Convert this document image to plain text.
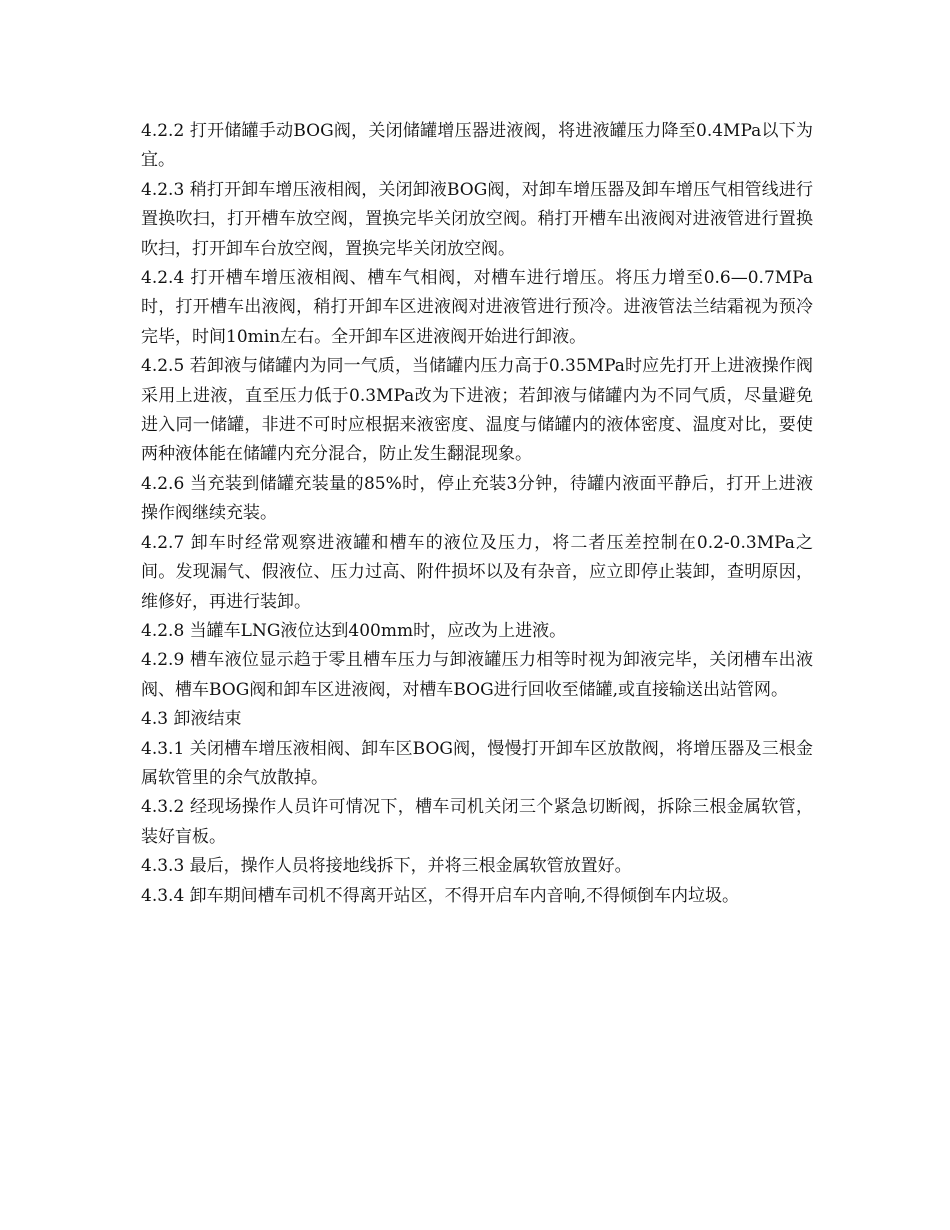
4.2.2 打开储罐手动BOG阀，关闭储罐增压器进液阀，将进液罐压力降至0.4MPa以下为宜。

4.2.3 稍打开卸车增压液相阀，关闭卸液BOG阀，对卸车增压器及卸车增压气相管线进行置换吹扫，打开槽车放空阀，置换完毕关闭放空阀。稍打开槽车出液阀对进液管进行置换吹扫，打开卸车台放空阀，置换完毕关闭放空阀。

4.2.4 打开槽车增压液相阀、槽车气相阀，对槽车进行增压。将压力增至0.6—0.7MPa时，打开槽车出液阀，稍打开卸车区进液阀对进液管进行预冷。进液管法兰结霜视为预冷完毕，时间10min左右。全开卸车区进液阀开始进行卸液。

4.2.5 若卸液与储罐内为同一气质，当储罐内压力高于0.35MPa时应先打开上进液操作阀采用上进液，直至压力低于0.3MPa改为下进液；若卸液与储罐内为不同气质，尽量避免进入同一储罐，非进不可时应根据来液密度、温度与储罐内的液体密度、温度对比，要使两种液体能在储罐内充分混合，防止发生翻混现象。

4.2.6 当充装到储罐充装量的85%时，停止充装3分钟，待罐内液面平静后，打开上进液操作阀继续充装。

4.2.7 卸车时经常观察进液罐和槽车的液位及压力，将二者压差控制在0.2-0.3MPa之间。发现漏气、假液位、压力过高、附件损坏以及有杂音，应立即停止装卸，查明原因，维修好，再进行装卸。

4.2.8 当罐车LNG液位达到400mm时，应改为上进液。

4.2.9 槽车液位显示趋于零且槽车压力与卸液罐压力相等时视为卸液完毕，关闭槽车出液阀、槽车BOG阀和卸车区进液阀，对槽车BOG进行回收至储罐,或直接输送出站管网。

4.3 卸液结束

4.3.1 关闭槽车增压液相阀、卸车区BOG阀，慢慢打开卸车区放散阀，将增压器及三根金属软管里的余气放散掉。

4.3.2 经现场操作人员许可情况下，槽车司机关闭三个紧急切断阀，拆除三根金属软管，装好盲板。

4.3.3 最后，操作人员将接地线拆下，并将三根金属软管放置好。

4.3.4 卸车期间槽车司机不得离开站区，不得开启车内音响,不得倾倒车内垃圾。
